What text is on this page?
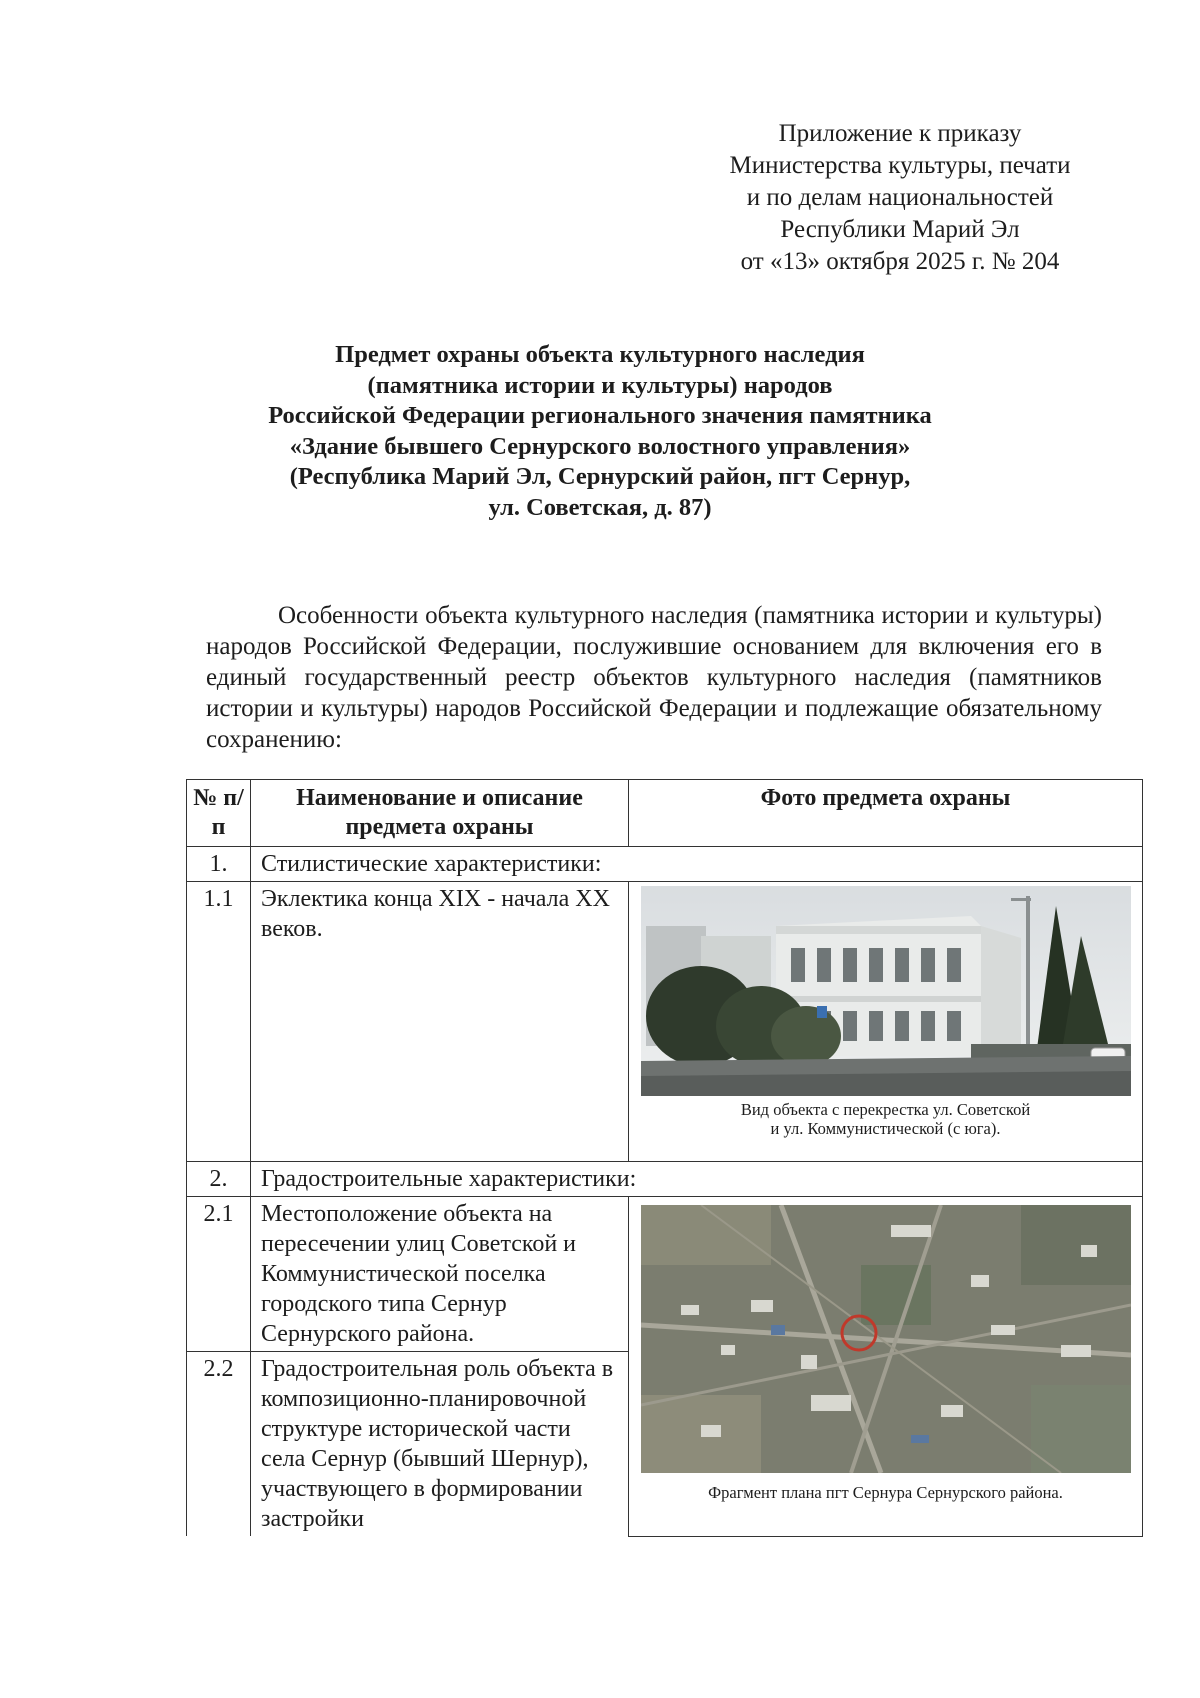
Приложение к приказу
Министерства культуры, печати
и по делам национальностей
Республики Марий Эл
от «13» октября 2025 г. № 204
Предмет охраны объекта культурного наследия
(памятника истории и культуры) народов
Российской Федерации регионального значения памятника
«Здание бывшего Сернурского волостного управления»
(Республика Марий Эл, Сернурский район, пгт Сернур,
ул. Советская, д. 87)

Особенности объекта культурного наследия (памятника истории и культуры) народов Российской Федерации, послужившие основанием для включения его в единый государственный реестр объектов культурного наследия (памятников истории и культуры) народов Российской Федерации и подлежащие обязательному сохранению:

№ п/п	Наименование и описание предмета охраны	Фото предмета охраны
1.	Стилистические характеристики:	
1.1	Эклектика конца XIX - начала XX веков.	Вид объекта с перекрестка ул. Советской
и ул. Коммунистической (с юга).

2.	Градостроительные характеристики:	
2.1	Местоположение объекта на пересечении улиц Советской и Коммунистической поселка городского типа Сернур Сернурского района.	Фрагмент плана пгт Сернура Сернурского района.

2.2	Градостроительная роль объекта в композиционно-планировочной структуре исторической части села Сернур (бывший Шернур), участвующего в формировании застройки	
